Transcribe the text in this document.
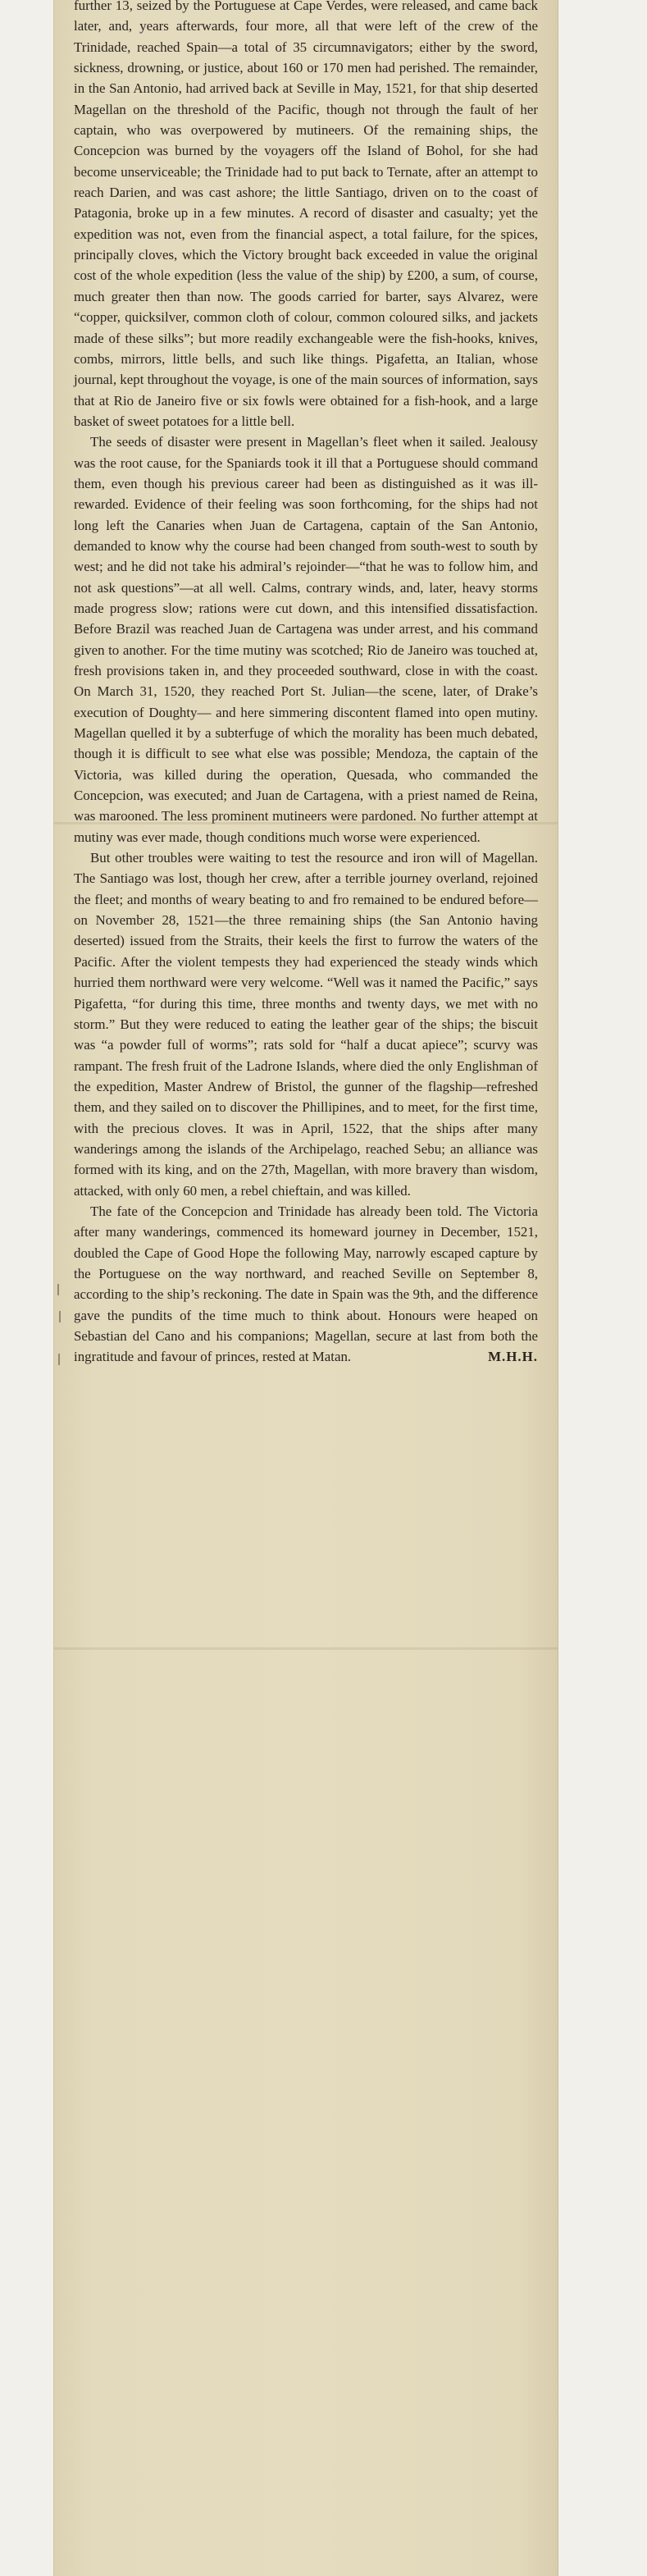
further 13, seized by the Portuguese at Cape Verdes, were released, and came back later, and, years afterwards, four more, all that were left of the crew of the Trinidade, reached Spain—a total of 35 circumnavigators; either by the sword, sickness, drowning, or justice, about 160 or 170 men had perished. The remainder, in the San Antonio, had arrived back at Seville in May, 1521, for that ship deserted Magellan on the threshold of the Pacific, though not through the fault of her captain, who was overpowered by mutineers. Of the remaining ships, the Concepcion was burned by the voyagers off the Island of Bohol, for she had become unserviceable; the Trinidade had to put back to Ternate, after an attempt to reach Darien, and was cast ashore; the little Santiago, driven on to the coast of Patagonia, broke up in a few minutes. A record of disaster and casualty; yet the expedition was not, even from the financial aspect, a total failure, for the spices, principally cloves, which the Victory brought back exceeded in value the original cost of the whole expedition (less the value of the ship) by £200, a sum, of course, much greater then than now. The goods carried for barter, says Alvarez, were “copper, quicksilver, common cloth of colour, common coloured silks, and jackets made of these silks”; but more readily exchangeable were the fish-hooks, knives, combs, mirrors, little bells, and such like things. Pigafetta, an Italian, whose journal, kept throughout the voyage, is one of the main sources of information, says that at Rio de Janeiro five or six fowls were obtained for a fish-hook, and a large basket of sweet potatoes for a little bell.

The seeds of disaster were present in Magellan’s fleet when it sailed. Jealousy was the root cause, for the Spaniards took it ill that a Portuguese should command them, even though his previous career had been as distinguished as it was ill-rewarded. Evidence of their feeling was soon forthcoming, for the ships had not long left the Canaries when Juan de Cartagena, captain of the San Antonio, demanded to know why the course had been changed from south-west to south by west; and he did not take his admiral’s rejoinder—“that he was to follow him, and not ask questions”—at all well. Calms, contrary winds, and, later, heavy storms made progress slow; rations were cut down, and this intensified dissatisfaction. Before Brazil was reached Juan de Cartagena was under arrest, and his command given to another. For the time mutiny was scotched; Rio de Janeiro was touched at, fresh provisions taken in, and they proceeded southward, close in with the coast. On March 31, 1520, they reached Port St. Julian—the scene, later, of Drake’s execution of Doughty— and here simmering discontent flamed into open mutiny. Magellan quelled it by a subterfuge of which the morality has been much debated, though it is difficult to see what else was possible; Mendoza, the captain of the Victoria, was killed during the operation, Quesada, who commanded the Concepcion, was executed; and Juan de Cartagena, with a priest named de Reina, was marooned. The less prominent mutineers were pardoned. No further attempt at mutiny was ever made, though conditions much worse were experienced.

But other troubles were waiting to test the resource and iron will of Magellan. The Santiago was lost, though her crew, after a terrible journey overland, rejoined the fleet; and months of weary beating to and fro remained to be endured before—on November 28, 1521—the three remaining ships (the San Antonio having deserted) issued from the Straits, their keels the first to furrow the waters of the Pacific. After the violent tempests they had experienced the steady winds which hurried them northward were very welcome. “Well was it named the Pacific,” says Pigafetta, “for during this time, three months and twenty days, we met with no storm.” But they were reduced to eating the leather gear of the ships; the biscuit was “a powder full of worms”; rats sold for “half a ducat apiece”; scurvy was rampant. The fresh fruit of the Ladrone Islands, where died the only Englishman of the expedition, Master Andrew of Bristol, the gunner of the flagship—refreshed them, and they sailed on to discover the Phillipines, and to meet, for the first time, with the precious cloves. It was in April, 1522, that the ships after many wanderings among the islands of the Archipelago, reached Sebu; an alliance was formed with its king, and on the 27th, Magellan, with more bravery than wisdom, attacked, with only 60 men, a rebel chieftain, and was killed.

The fate of the Concepcion and Trinidade has already been told. The Victoria after many wanderings, commenced its homeward journey in December, 1521, doubled the Cape of Good Hope the following May, narrowly escaped capture by the Portuguese on the way northward, and reached Seville on September 8, according to the ship’s reckoning. The date in Spain was the 9th, and the difference gave the pundits of the time much to think about. Honours were heaped on Sebastian del Cano and his companions; Magellan, secure at last from both the ingratitude and favour of princes, rested at Matan.	M.H.H.
